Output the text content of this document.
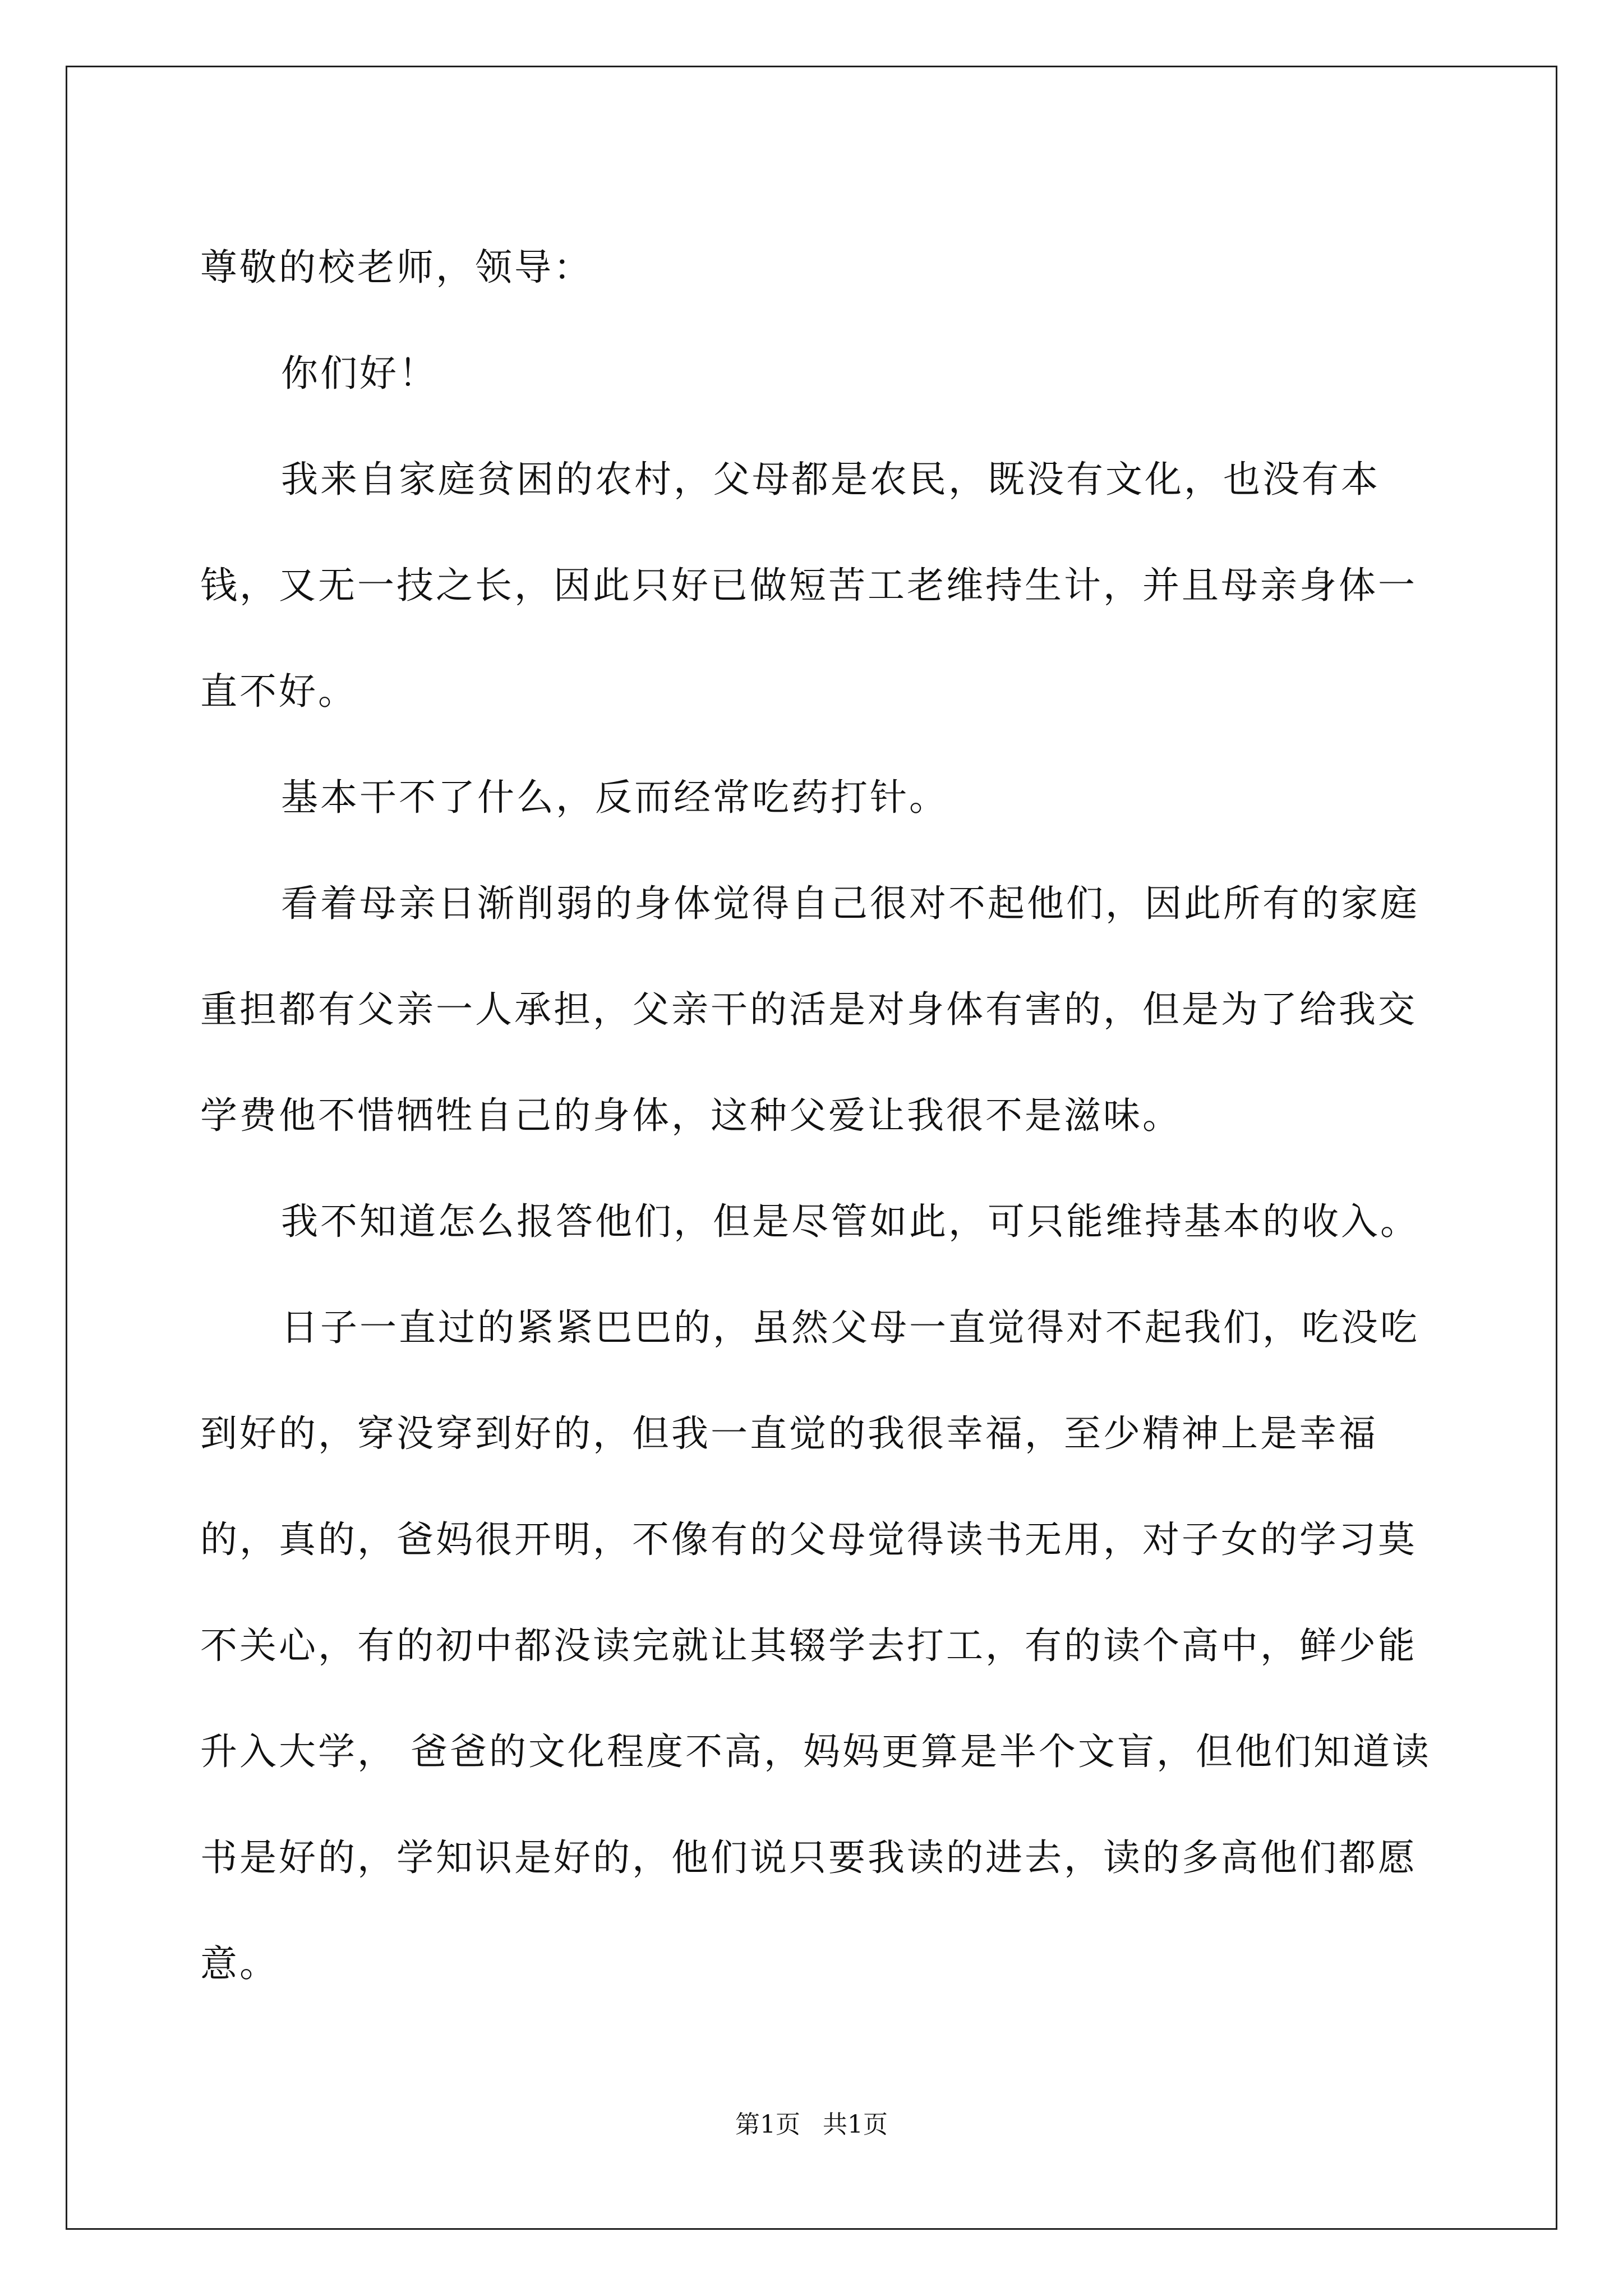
尊敬的校老师，领导：

你们好！

我来自家庭贫困的农村，父母都是农民，既没有文化，也没有本钱，又无一技之长，因此只好已做短苦工老维持生计，并且母亲身体一直不好。

基本干不了什么，反而经常吃药打针。

看着母亲日渐削弱的身体觉得自己很对不起他们，因此所有的家庭重担都有父亲一人承担，父亲干的活是对身体有害的，但是为了给我交学费他不惜牺牲自己的身体，这种父爱让我很不是滋味。

我不知道怎么报答他们，但是尽管如此，可只能维持基本的收入。

日子一直过的紧紧巴巴的，虽然父母一直觉得对不起我们，吃没吃到好的，穿没穿到好的，但我一直觉的我很幸福，至少精神上是幸福的，真的，爸妈很开明，不像有的父母觉得读书无用，对子女的学习莫不关心，有的初中都没读完就让其辍学去打工，有的读个高中，鲜少能升入大学， 爸爸的文化程度不高，妈妈更算是半个文盲，但他们知道读书是好的，学知识是好的，他们说只要我读的进去，读的多高他们都愿意。

第1页 共1页
